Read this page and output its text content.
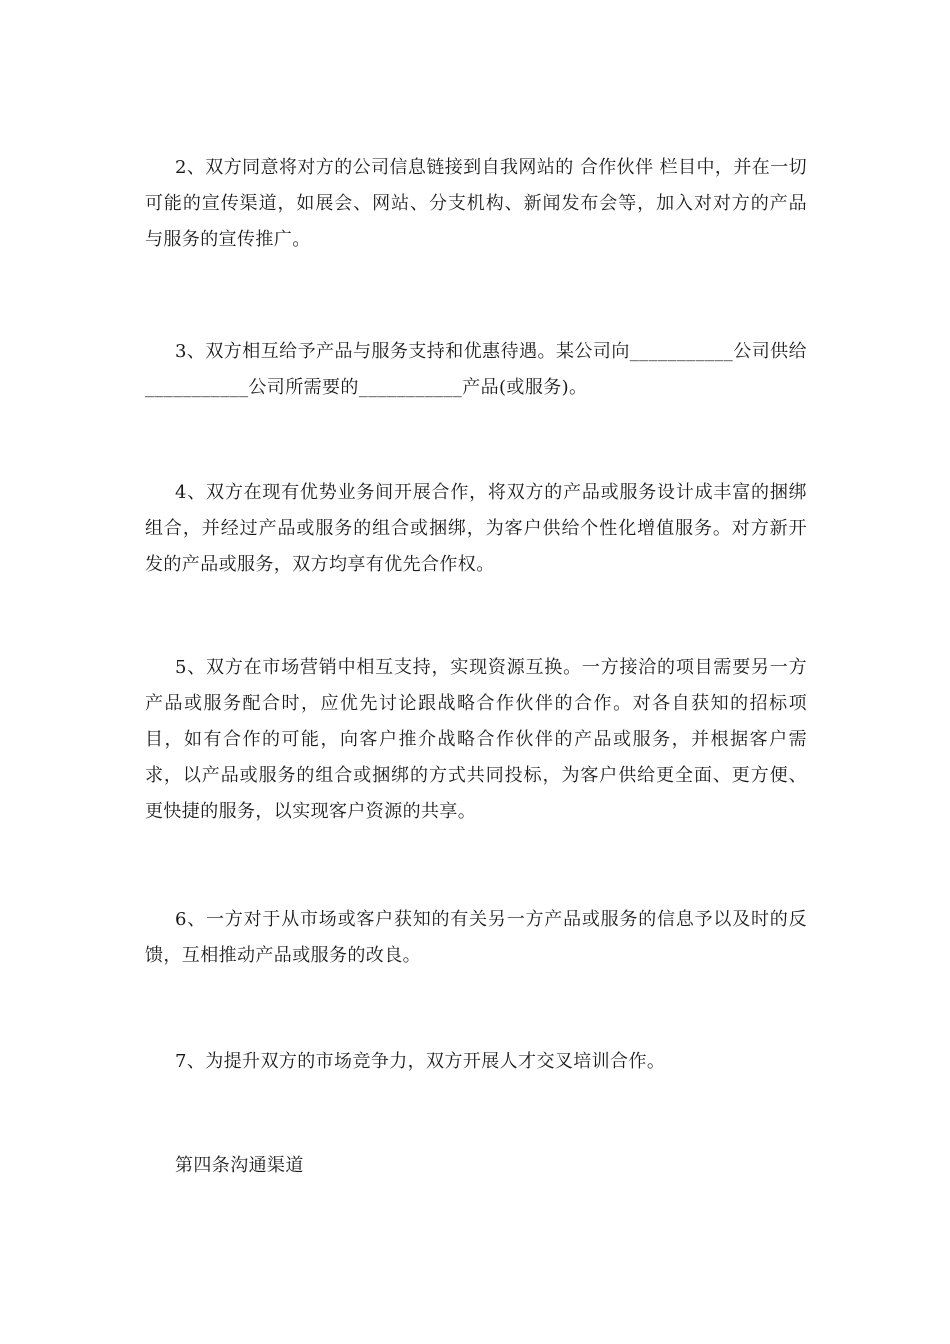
2、双方同意将对方的公司信息链接到自我网站的 合作伙伴 栏目中，并在一切可能的宣传渠道，如展会、网站、分支机构、新闻发布会等，加入对对方的产品与服务的宣传推广。

3、双方相互给予产品与服务支持和优惠待遇。某公司向___________公司供给___________公司所需要的___________产品(或服务)。

4、双方在现有优势业务间开展合作，将双方的产品或服务设计成丰富的捆绑组合，并经过产品或服务的组合或捆绑，为客户供给个性化增值服务。对方新开发的产品或服务，双方均享有优先合作权。

5、双方在市场营销中相互支持，实现资源互换。一方接洽的项目需要另一方产品或服务配合时，应优先讨论跟战略合作伙伴的合作。对各自获知的招标项目，如有合作的可能，向客户推介战略合作伙伴的产品或服务，并根据客户需求，以产品或服务的组合或捆绑的方式共同投标，为客户供给更全面、更方便、更快捷的服务，以实现客户资源的共享。

6、一方对于从市场或客户获知的有关另一方产品或服务的信息予以及时的反馈，互相推动产品或服务的改良。

7、为提升双方的市场竞争力，双方开展人才交叉培训合作。

第四条沟通渠道
